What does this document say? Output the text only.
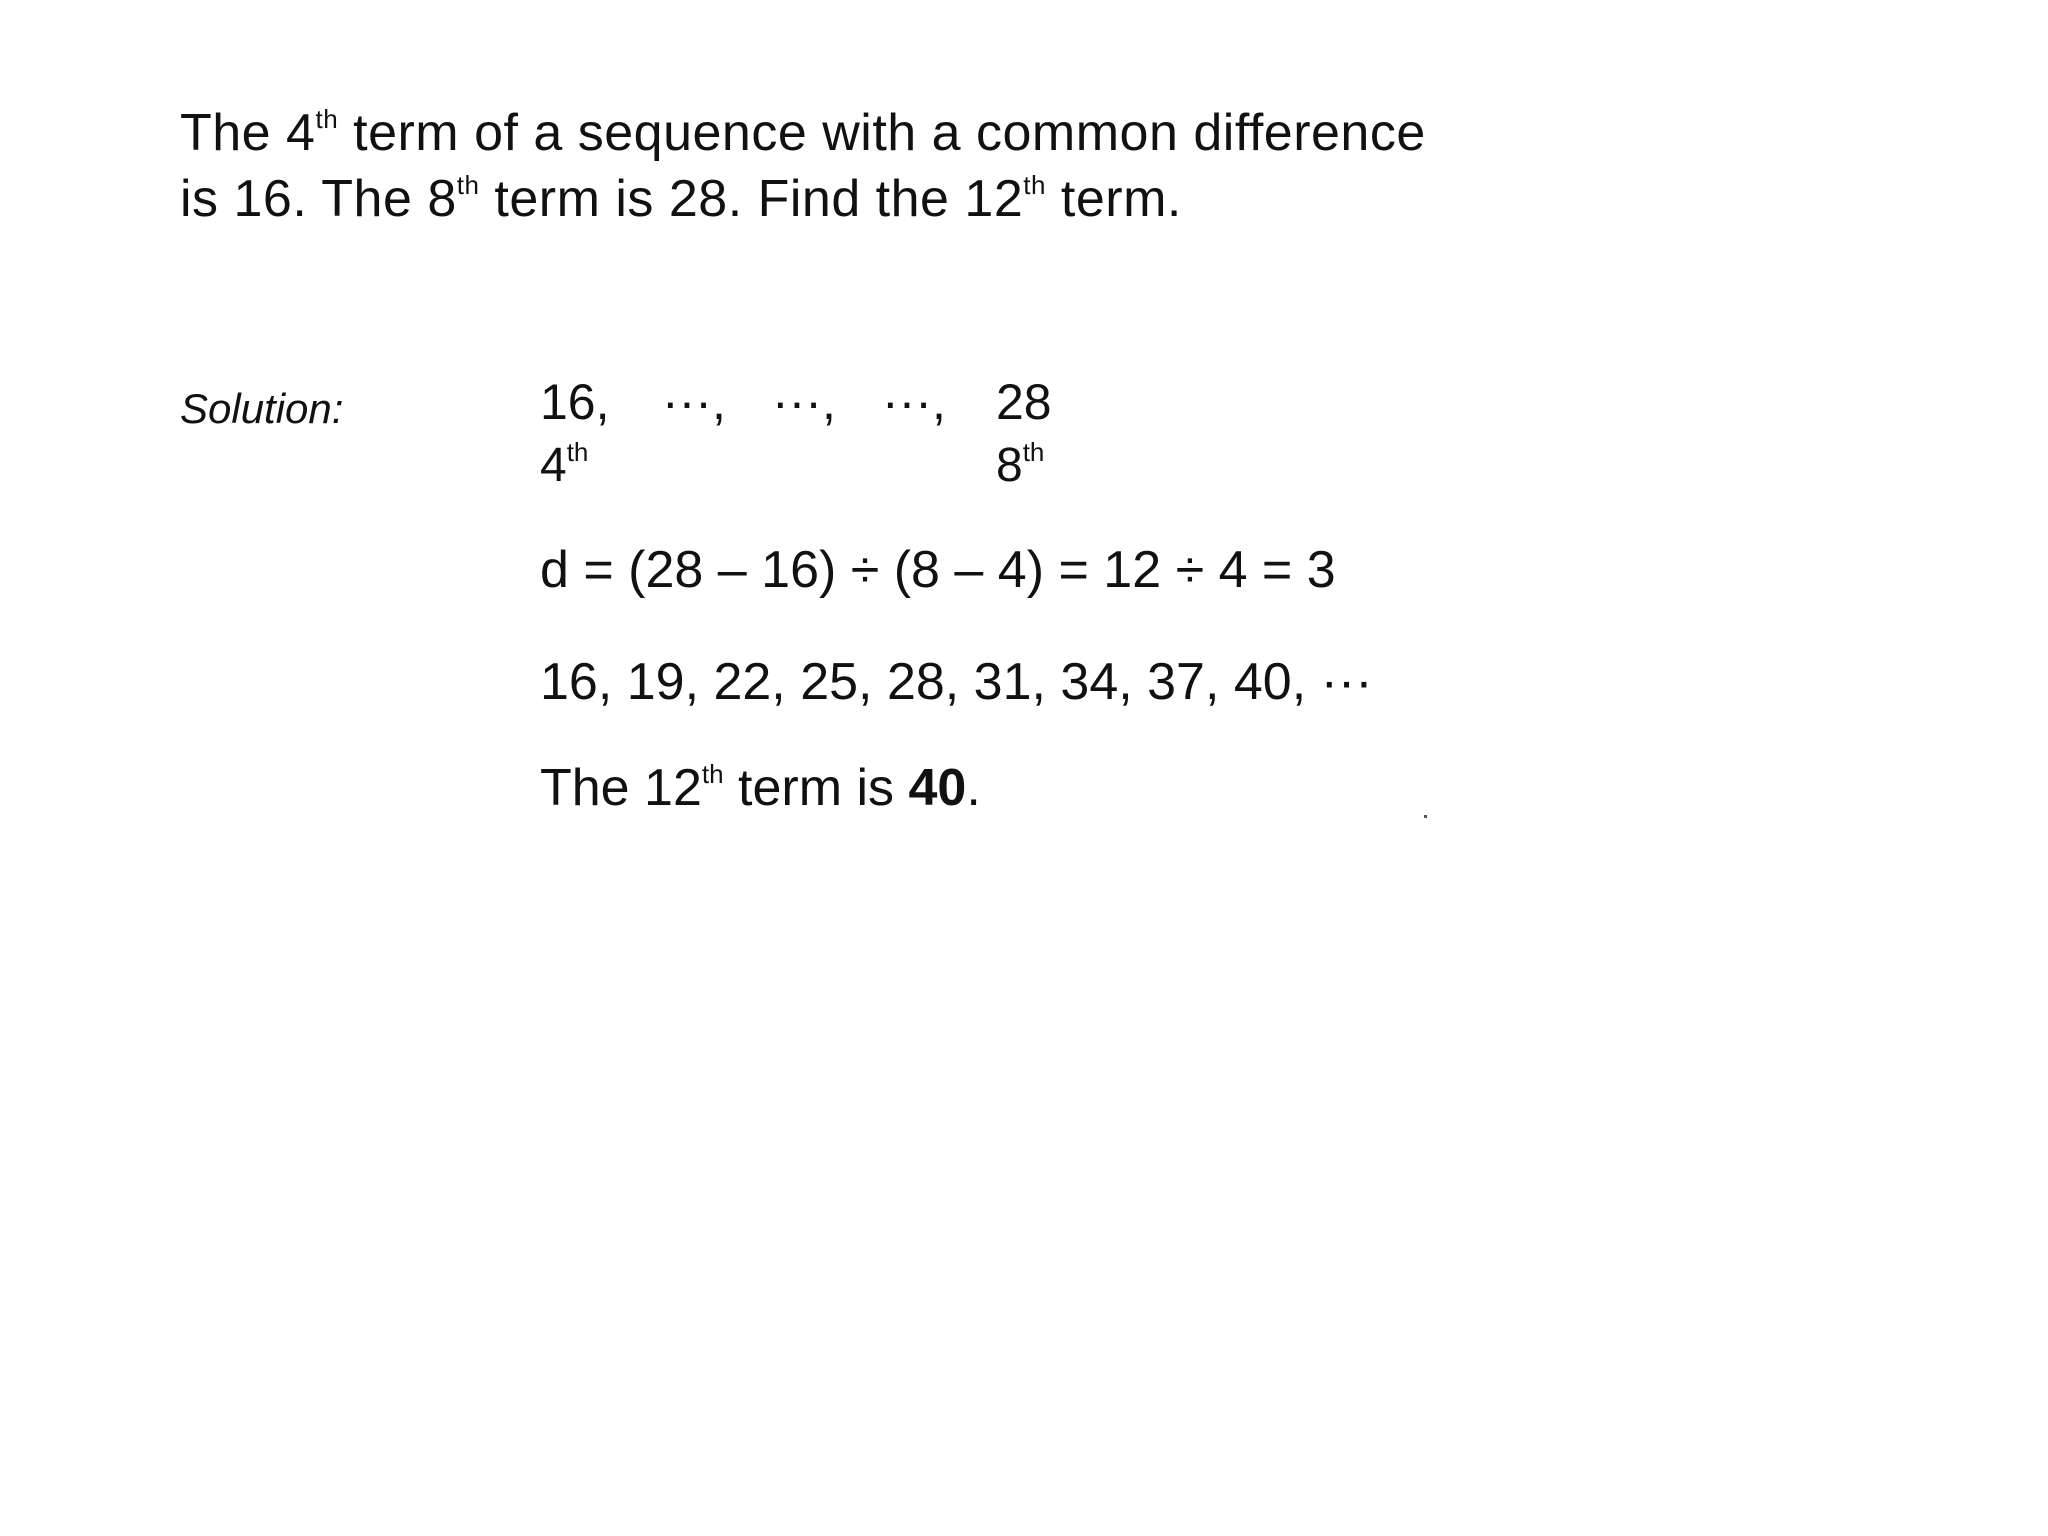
The 4th term of a sequence with a common difference
is 16. The 8th term is 28. Find the 12th term.
Solution:	16, ···, ···, ···, 28
4th	8th
d = (28 – 16) ÷ (8 – 4) = 12 ÷ 4 = 3
16, 19, 22, 25, 28, 31, 34, 37, 40, ···
The 12th term is 40.
